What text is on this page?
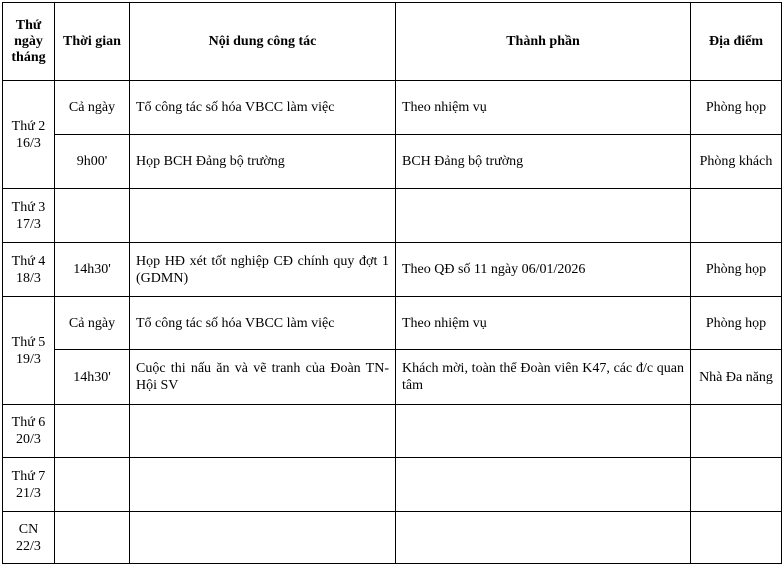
Thứ ngày tháng	Thời gian	Nội dung công tác	Thành phần	Địa điểm
Thứ 2 16/3	Cả ngày	Tổ công tác số hóa VBCC làm việc	Theo nhiệm vụ	Phòng họp
	9h00'	Họp BCH Đảng bộ trường	BCH Đảng bộ trường	Phòng khách
Thứ 3 17/3				
Thứ 4 18/3	14h30'	Họp HĐ xét tốt nghiệp CĐ chính quy đợt 1 (GDMN)	Theo QĐ số 11 ngày 06/01/2026	Phòng họp
Thứ 5 19/3	Cả ngày	Tổ công tác số hóa VBCC làm việc	Theo nhiệm vụ	Phòng họp
	14h30'	Cuộc thi nấu ăn và vẽ tranh của Đoàn TN-Hội SV	Khách mời, toàn thể Đoàn viên K47, các đ/c quan tâm	Nhà Đa năng
Thứ 6 20/3				
Thứ 7 21/3				
CN 22/3				
